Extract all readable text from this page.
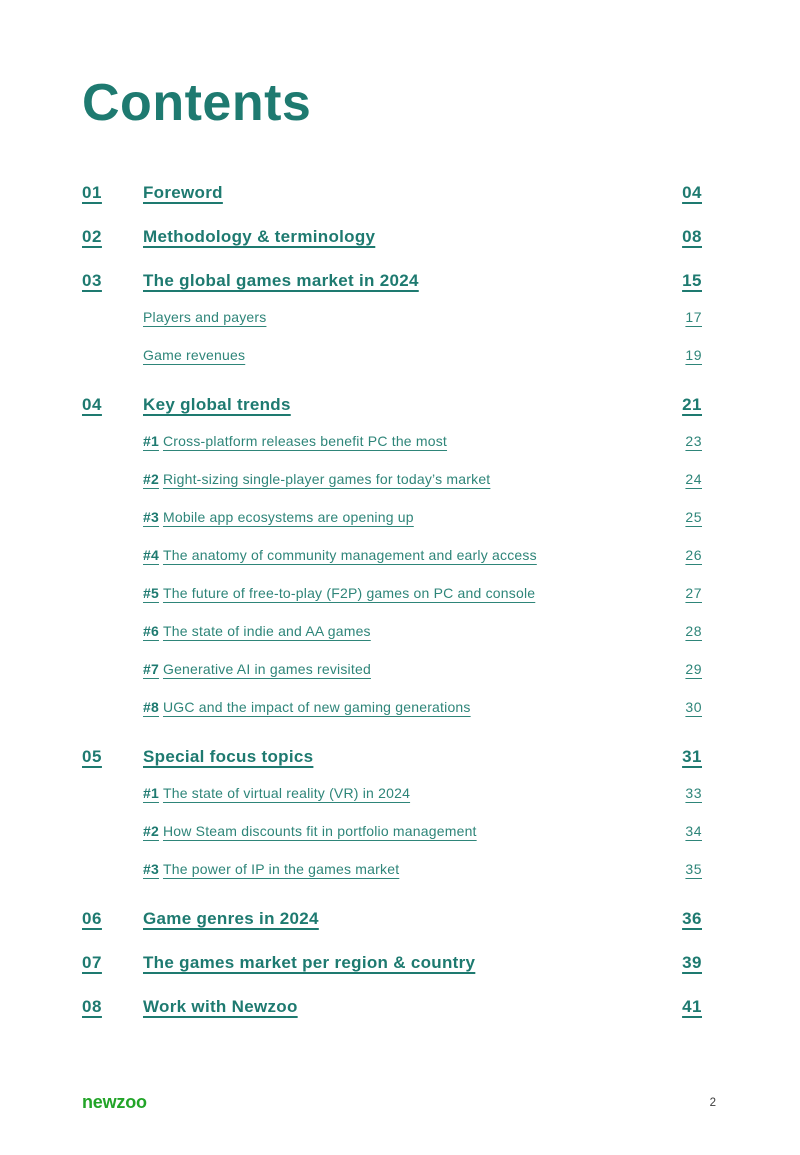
Contents
01	Foreword	04
02	Methodology & terminology	08
03	The global games market in 2024	15
Players and payers	17
Game revenues	19
04	Key global trends	21
#1 Cross-platform releases benefit PC the most	23
#2 Right-sizing single-player games for today’s market	24
#3 Mobile app ecosystems are opening up	25
#4 The anatomy of community management and early access	26
#5 The future of free-to-play (F2P) games on PC and console	27
#6 The state of indie and AA games	28
#7 Generative AI in games revisited	29
#8 UGC and the impact of new gaming generations	30
05	Special focus topics	31
#1 The state of virtual reality (VR) in 2024	33
#2 How Steam discounts fit in portfolio management	34
#3 The power of IP in the games market	35
06	Game genres in 2024	36
07	The games market per region & country	39
08	Work with Newzoo	41
newzoo	2
